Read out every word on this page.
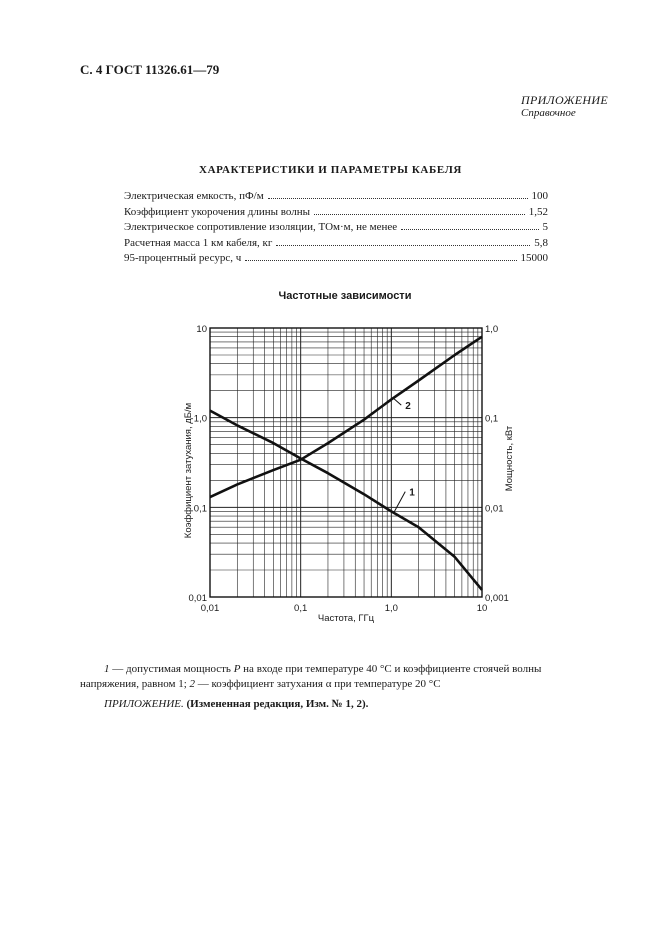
С. 4 ГОСТ 11326.61—79
ПРИЛОЖЕНИЕ
Справочное
ХАРАКТЕРИСТИКИ И ПАРАМЕТРЫ КАБЕЛЯ
Электрическая емкость, пФ/м	100
Коэффициент укорочения длины волны	1,52
Электрическое сопротивление изоляции, ТОм·м, не менее	5
Расчетная масса 1 км кабеля, кг	5,8
95-процентный ресурс, ч	15000
Частотные зависимости
0,01	0,1	1,0	10
0,01
0,1
1,0
10
0,001
0,01
0,1
1,0
Частота, ГГц
Коэффициент затухания, дБ/м	Мощность, кВт
1
2
1 — допустимая мощность P на входе при температуре 40 °С и коэффициенте стоячей волны напряжения, равном 1; 2 — коэффициент затухания α при температуре 20 °С
ПРИЛОЖЕНИЕ. (Измененная редакция, Изм. № 1, 2).
